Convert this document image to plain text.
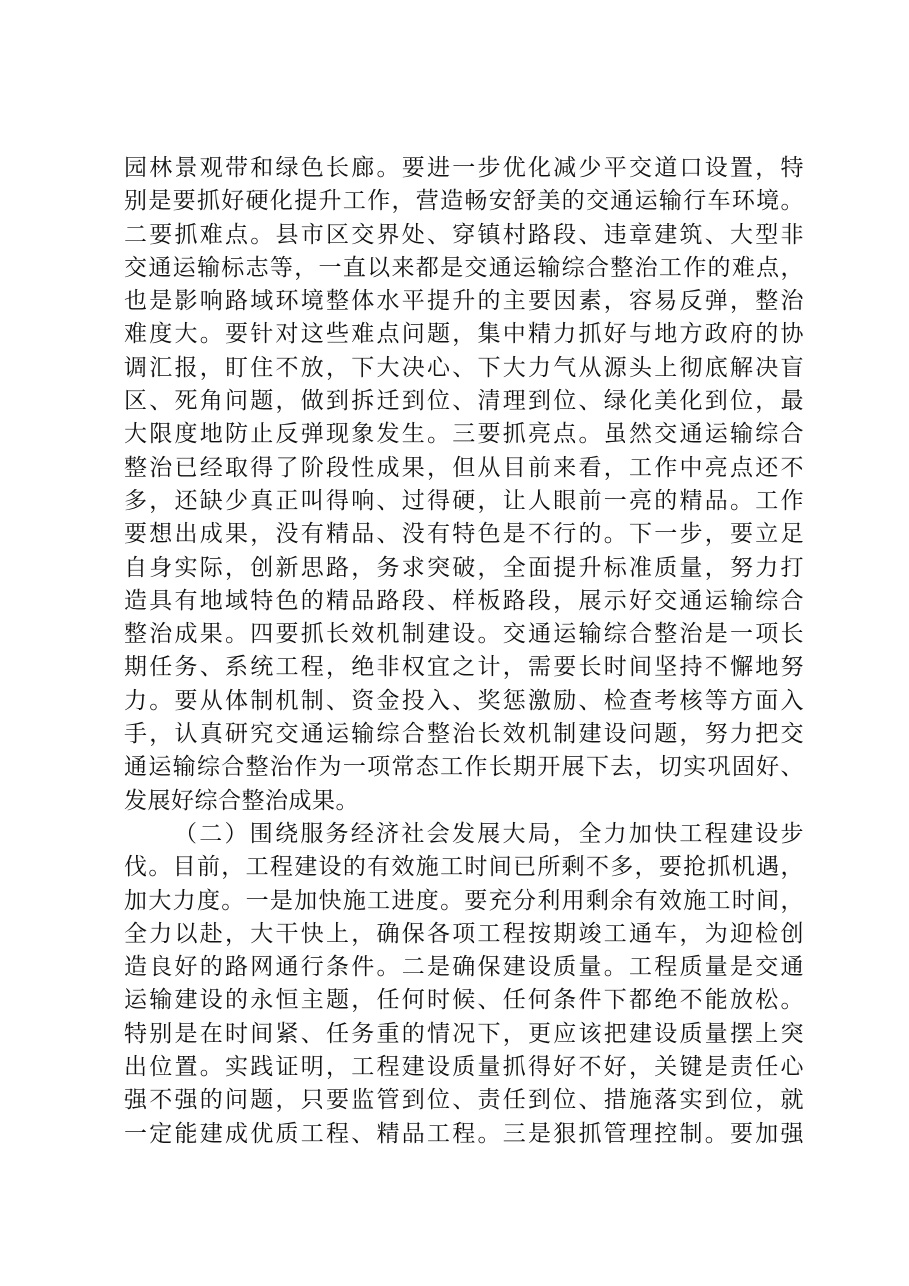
园林景观带和绿色长廊。要进一步优化减少平交道口设置，特
别是要抓好硬化提升工作，营造畅安舒美的交通运输行车环境。
二要抓难点。县市区交界处、穿镇村路段、违章建筑、大型非
交通运输标志等，一直以来都是交通运输综合整治工作的难点，
也是影响路域环境整体水平提升的主要因素，容易反弹，整治
难度大。要针对这些难点问题，集中精力抓好与地方政府的协
调汇报，盯住不放，下大决心、下大力气从源头上彻底解决盲
区、死角问题，做到拆迁到位、清理到位、绿化美化到位，最
大限度地防止反弹现象发生。三要抓亮点。虽然交通运输综合
整治已经取得了阶段性成果，但从目前来看，工作中亮点还不
多，还缺少真正叫得响、过得硬，让人眼前一亮的精品。工作
要想出成果，没有精品、没有特色是不行的。下一步，要立足
自身实际，创新思路，务求突破，全面提升标准质量，努力打
造具有地域特色的精品路段、样板路段，展示好交通运输综合
整治成果。四要抓长效机制建设。交通运输综合整治是一项长
期任务、系统工程，绝非权宜之计，需要长时间坚持不懈地努
力。要从体制机制、资金投入、奖惩激励、检查考核等方面入
手，认真研究交通运输综合整治长效机制建设问题，努力把交
通运输综合整治作为一项常态工作长期开展下去，切实巩固好、
发展好综合整治成果。
（二）围绕服务经济社会发展大局，全力加快工程建设步
伐。目前，工程建设的有效施工时间已所剩不多，要抢抓机遇，
加大力度。一是加快施工进度。要充分利用剩余有效施工时间，
全力以赴，大干快上，确保各项工程按期竣工通车，为迎检创
造良好的路网通行条件。二是确保建设质量。工程质量是交通
运输建设的永恒主题，任何时候、任何条件下都绝不能放松。
特别是在时间紧、任务重的情况下，更应该把建设质量摆上突
出位置。实践证明，工程建设质量抓得好不好，关键是责任心
强不强的问题，只要监管到位、责任到位、措施落实到位，就
一定能建成优质工程、精品工程。三是狠抓管理控制。要加强
